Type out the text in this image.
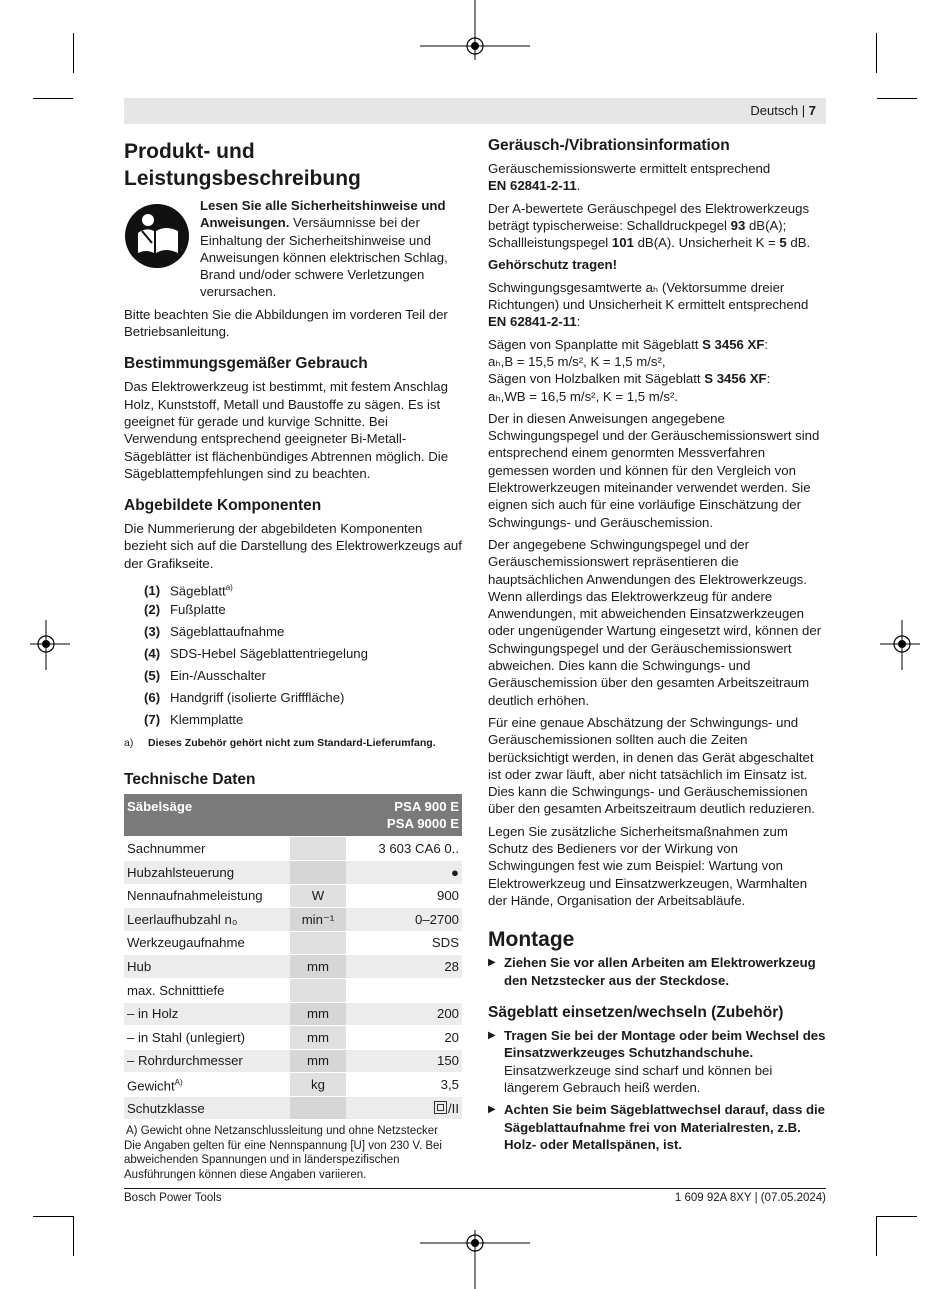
Deutsch | 7
Produkt- und
Leistungsbeschreibung

Lesen Sie alle Sicherheitshinweise und Anweisungen. Versäumnisse bei der Einhaltung der Sicherheitshinweise und Anweisungen können elektrischen Schlag, Brand und/oder schwere Verletzungen verursachen.

Bitte beachten Sie die Abbildungen im vorderen Teil der Betriebsanleitung.

Bestimmungsgemäßer Gebrauch

Das Elektrowerkzeug ist bestimmt, mit festem Anschlag Holz, Kunststoff, Metall und Baustoffe zu sägen. Es ist geeignet für gerade und kurvige Schnitte. Bei Verwendung entsprechend geeigneter Bi-Metall-Sägeblätter ist flächenbündiges Abtrennen möglich. Die Sägeblattempfehlungen sind zu beachten.

Abgebildete Komponenten

Die Nummerierung der abgebildeten Komponenten bezieht sich auf die Darstellung des Elektrowerkzeugs auf der Grafikseite.

(1) Sägeblatt$^{a)}$
(2) Fußplatte
(3) Sägeblattaufnahme
(4) SDS-Hebel Sägeblattentriegelung
(5) Ein-/Ausschalter
(6) Handgriff (isolierte Grifffläche)
(7) Klemmplatte
a) Dieses Zubehör gehört nicht zum Standard-Lieferumfang.
Technische Daten
Säbelsäge		PSA 900 E
PSA 9000 E
Sachnummer		3 603 CA6 0..
Hubzahlsteuerung		●
Nennaufnahmeleistung	W	900
Leerlaufhubzahl n₀	min⁻¹	0–2700
Werkzeugaufnahme		SDS
Hub	mm	28
max. Schnitttiefe		
– in Holz	mm	200
– in Stahl (unlegiert)	mm	20
– Rohrdurchmesser	mm	150
Gewicht$^{A)}$	kg	3,5
Schutzklasse		/II
A) Gewicht ohne Netzanschlussleitung und ohne Netzstecker
Die Angaben gelten für eine Nennspannung [U] von 230 V. Bei abweichenden Spannungen und in länderspezifischen Ausführungen können diese Angaben variieren.
Geräusch-/Vibrationsinformation

Geräuschemissionswerte ermittelt entsprechend
EN 62841-2-11.

Der A-bewertete Geräuschpegel des Elektrowerkzeugs beträgt typischerweise: Schalldruckpegel 93 dB(A); Schallleistungspegel 101 dB(A). Unsicherheit K = 5 dB.

Gehörschutz tragen!

Schwingungsgesamtwerte aₕ (Vektorsumme dreier Richtungen) und Unsicherheit K ermittelt entsprechend
EN 62841-2-11:

Sägen von Spanplatte mit Sägeblatt S 3456 XF:
aₕ,B = 15,5 m/s², K = 1,5 m/s²,
Sägen von Holzbalken mit Sägeblatt S 3456 XF:
aₕ,WB = 16,5 m/s², K = 1,5 m/s².

Der in diesen Anweisungen angegebene Schwingungspegel und der Geräuschemissionswert sind entsprechend einem genormten Messverfahren gemessen worden und können für den Vergleich von Elektrowerkzeugen miteinander verwendet werden. Sie eignen sich auch für eine vorläufige Einschätzung der Schwingungs- und Geräuschemission.

Der angegebene Schwingungspegel und der Geräuschemissionswert repräsentieren die hauptsächlichen Anwendungen des Elektrowerkzeugs. Wenn allerdings das Elektrowerkzeug für andere Anwendungen, mit abweichenden Einsatzwerkzeugen oder ungenügender Wartung eingesetzt wird, können der Schwingungspegel und der Geräuschemissionswert abweichen. Dies kann die Schwingungs- und Geräuschemission über den gesamten Arbeitszeitraum deutlich erhöhen.

Für eine genaue Abschätzung der Schwingungs- und Geräuschemissionen sollten auch die Zeiten berücksichtigt werden, in denen das Gerät abgeschaltet ist oder zwar läuft, aber nicht tatsächlich im Einsatz ist. Dies kann die Schwingungs- und Geräuschemissionen über den gesamten Arbeitszeitraum deutlich reduzieren.

Legen Sie zusätzliche Sicherheitsmaßnahmen zum Schutz des Bedieners vor der Wirkung von Schwingungen fest wie zum Beispiel: Wartung von Elektrowerkzeug und Einsatzwerkzeugen, Warmhalten der Hände, Organisation der Arbeitsabläufe.

Montage

▶ Ziehen Sie vor allen Arbeiten am Elektrowerkzeug den Netzstecker aus der Steckdose.

Sägeblatt einsetzen/wechseln (Zubehör)

▶ Tragen Sie bei der Montage oder beim Wechsel des Einsatzwerkzeuges Schutzhandschuhe. Einsatzwerkzeuge sind scharf und können bei längerem Gebrauch heiß werden.

▶ Achten Sie beim Sägeblattwechsel darauf, dass die Sägeblattaufnahme frei von Materialresten, z.B. Holz- oder Metallspänen, ist.

Bosch Power Tools	1 609 92A 8XY | (07.05.2024)
